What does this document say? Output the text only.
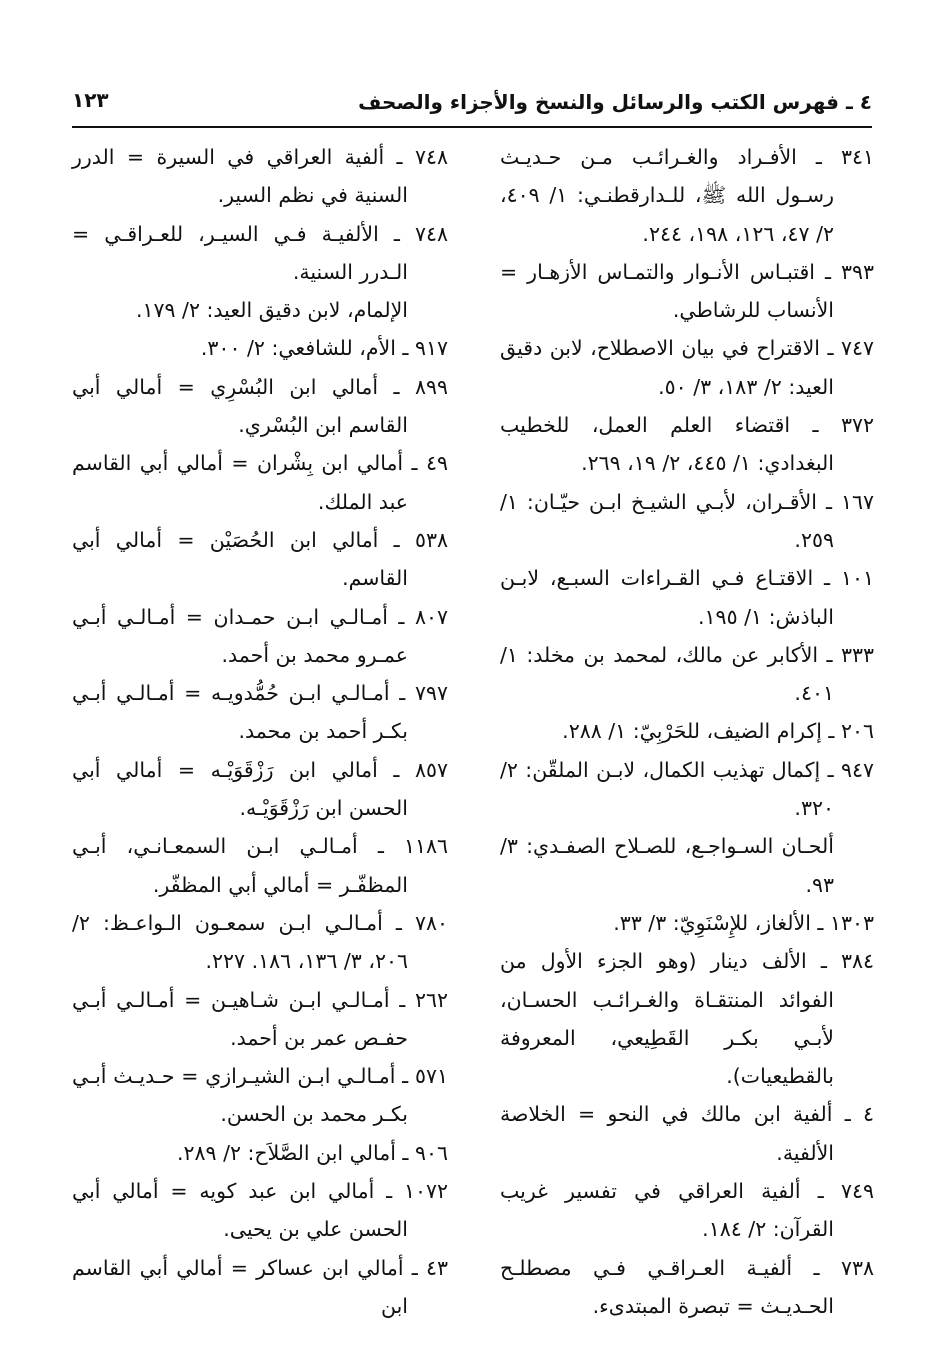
٤ ـ فهرس الكتب والرسائل والنسخ والأجزاء والصحف
١٢٣

٣٤١ ـ الأفـراد والغـرائـب مـن حـديـث رسـول الله ﷺ، للـدارقطنـي: ١/ ٤٠٩، ٢/ ٤٧، ١٢٦، ١٩٨، ٢٤٤.

٣٩٣ ـ اقتبـاس الأنـوار والتمـاس الأزهـار = الأنساب للرشاطي.

٧٤٧ ـ الاقتراح في بيان الاصطلاح، لابن دقيق العيد: ٢/ ١٨٣، ٣/ ٥٠.

٣٧٢ ـ اقتضاء العلم العمل، للخطيب البغدادي: ١/ ٤٤٥، ٢/ ١٩، ٢٦٩.

١٦٧ ـ الأقـران، لأبـي الشيـخ ابـن حيّـان: ١/ ٢٥٩.

١٠١ ـ الاقتـاع فـي القـراءات السبـع، لابـن الباذش: ١/ ١٩٥.

٣٣٣ ـ الأكابر عن مالك، لمحمد بن مخلد: ١/ ٤٠١.

٢٠٦ ـ إكرام الضيف، للحَرْبِيّ: ١/ ٢٨٨.

٩٤٧ ـ إكمال تهذيب الكمال، لابـن الملقّن: ٢/ ٣٢٠.

ألحـان السـواجـع، للصـلاح الصفـدي: ٣/ ٩٣.

١٣٠٣ ـ الألغاز، للإِسْنَوِيّ: ٣/ ٣٣.

٣٨٤ ـ الألف دينار (وهو الجزء الأول من الفوائد المنتقـاة والغـرائـب الحسـان، لأبـي بكـر القَطِيعي، المعروفة بالقطيعيات).

٤ ـ ألفية ابن مالك في النحو = الخلاصة الألفية.

٧٤٩ ـ ألفية العراقي في تفسير غريب القرآن: ٢/ ١٨٤.

٧٣٨ ـ ألفيـة العـراقـي فـي مصطلـح الحـديـث = تبصرة المبتدىء.

٧٤٨ ـ ألفية العراقي في السيرة = الدرر السنية في نظم السير.

٧٤٨ ـ الألفيـة فـي السيـر، للعـراقـي = الـدرر السنية.

الإلمام، لابن دقيق العيد: ٢/ ١٧٩.

٩١٧ ـ الأم، للشافعي: ٢/ ٣٠٠.

٨٩٩ ـ أمالي ابن البُسْرِي = أمالي أبي القاسم ابن البُسْري.

٤٩ ـ أمالي ابن بِشْران = أمالي أبي القاسم عبد الملك.

٥٣٨ ـ أمالي ابن الحُصَيْن = أمالي أبي القاسم.

٨٠٧ ـ أمـالـي ابـن حمـدان = أمـالـي أبـي عمـرو محمد بن أحمد.

٧٩٧ ـ أمـالـي ابـن حُمُّدويـه = أمـالـي أبـي بكـر أحمد بن محمد.

٨٥٧ ـ أمالي ابن رَزْقَوَيْـه = أمالي أبي الحسن ابن رَزْقَوَيْـه.

١١٨٦ ـ أمـالـي ابـن السمعـانـي، أبـي المظفّـر = أمالي أبي المظفّر.

٧٨٠ ـ أمـالـي ابـن سمعـون الـواعـظ: ٢/ ٢٠٦، ٣/ ١٣٦، ١٨٦. ٢٢٧.

٢٦٢ ـ أمـالـي ابـن شـاهيـن = أمـالـي أبـي حفـص عمر بن أحمد.

٥٧١ ـ أمـالـي ابـن الشيـرازي = حـديـث أبـي بكـر محمد بن الحسن.

٩٠٦ ـ أمالي ابن الصَّلاَح: ٢/ ٢٨٩.

١٠٧٢ ـ أمالي ابن عبد كويه = أمالي أبي الحسن علي بن يحيى.

٤٣ ـ أمالي ابن عساكر = أمالي أبي القاسم ابن
